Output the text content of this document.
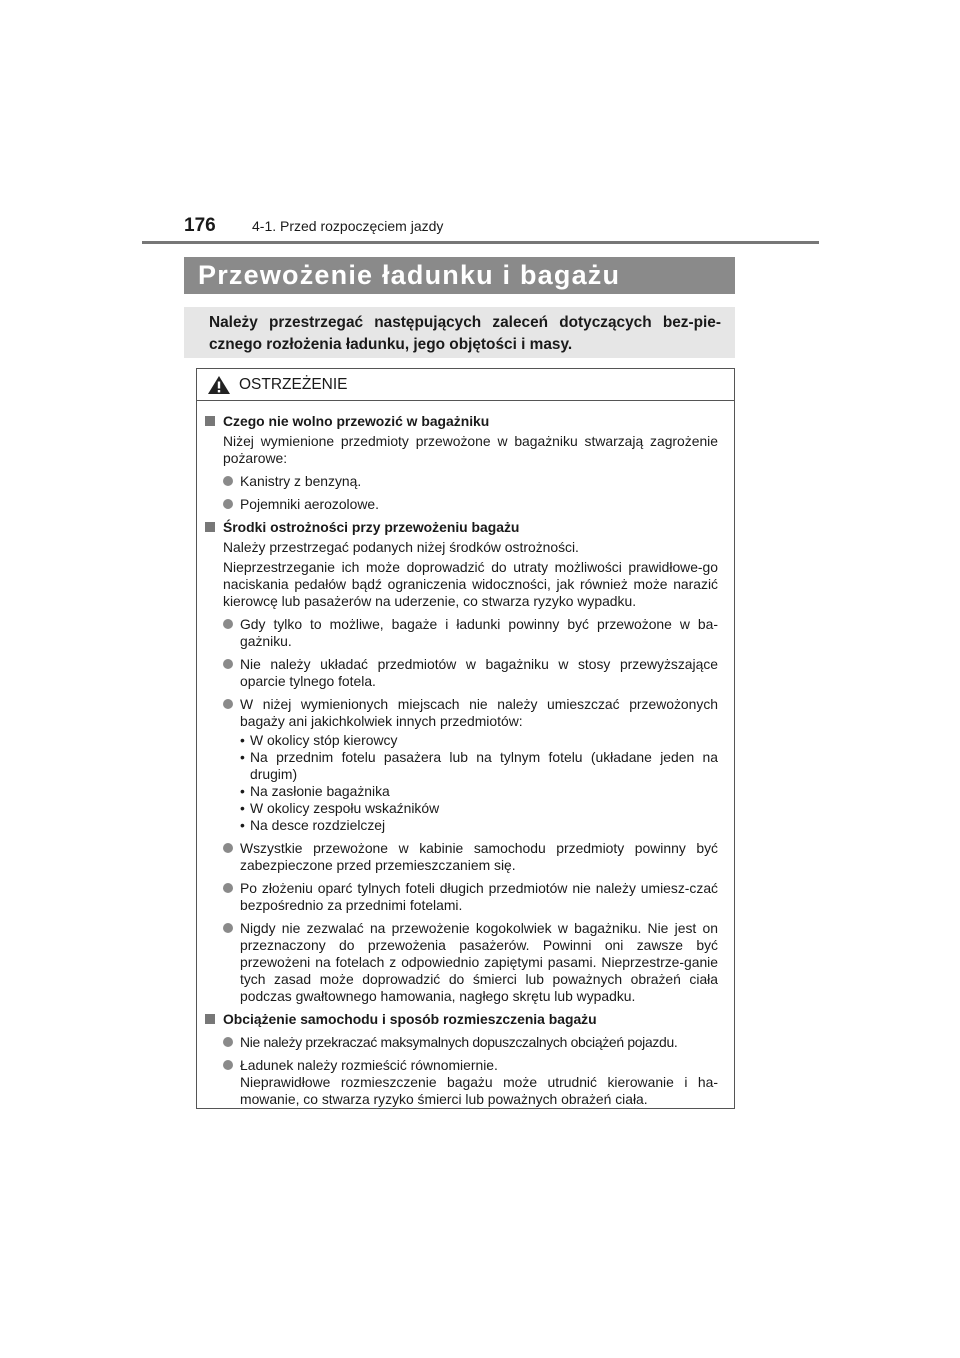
176	4-1. Przed rozpoczęciem jazdy
Przewożenie ładunku i bagażu

Należy przestrzegać następujących zaleceń dotyczących bez-piecznego rozłożenia ładunku, jego objętości i masy.

OSTRZEŻENIE
Czego nie wolno przewozić w bagażniku

Niżej wymienione przedmioty przewożone w bagażniku stwarzają zagrożenie pożarowe:

Kanistry z benzyną.
Pojemniki aerozolowe.
Środki ostrożności przy przewożeniu bagażu

Należy przestrzegać podanych niżej środków ostrożności.

Nieprzestrzeganie ich może doprowadzić do utraty możliwości prawidłowe-go naciskania pedałów bądź ograniczenia widoczności, jak również może narazić kierowcę lub pasażerów na uderzenie, co stwarza ryzyko wypadku.

Gdy tylko to możliwe, bagaże i ładunki powinny być przewożone w ba-gażniku.
Nie należy układać przedmiotów w bagażniku w stosy przewyższające oparcie tylnego fotela.
W niżej wymienionych miejscach nie należy umieszczać przewożonych bagaży ani jakichkolwiek innych przedmiotów:
• W okolicy stóp kierowcy
• Na przednim fotelu pasażera lub na tylnym fotelu (układane jeden na drugim)
• Na zasłonie bagażnika
• W okolicy zespołu wskaźników
• Na desce rozdzielczej
Wszystkie przewożone w kabinie samochodu przedmioty powinny być zabezpieczone przed przemieszczaniem się.
Po złożeniu oparć tylnych foteli długich przedmiotów nie należy umiesz-czać bezpośrednio za przednimi fotelami.
Nigdy nie zezwalać na przewożenie kogokolwiek w bagażniku. Nie jest on przeznaczony do przewożenia pasażerów. Powinni oni zawsze być przewożeni na fotelach z odpowiednio zapiętymi pasami. Nieprzestrze-ganie tych zasad może doprowadzić do śmierci lub poważnych obrażeń ciała podczas gwałtownego hamowania, nagłego skrętu lub wypadku.
Obciążenie samochodu i sposób rozmieszczenia bagażu
Nie należy przekraczać maksymalnych dopuszczalnych obciążeń pojazdu.
Ładunek należy rozmieścić równomiernie.
Nieprawidłowe rozmieszczenie bagażu może utrudnić kierowanie i ha-mowanie, co stwarza ryzyko śmierci lub poważnych obrażeń ciała.
